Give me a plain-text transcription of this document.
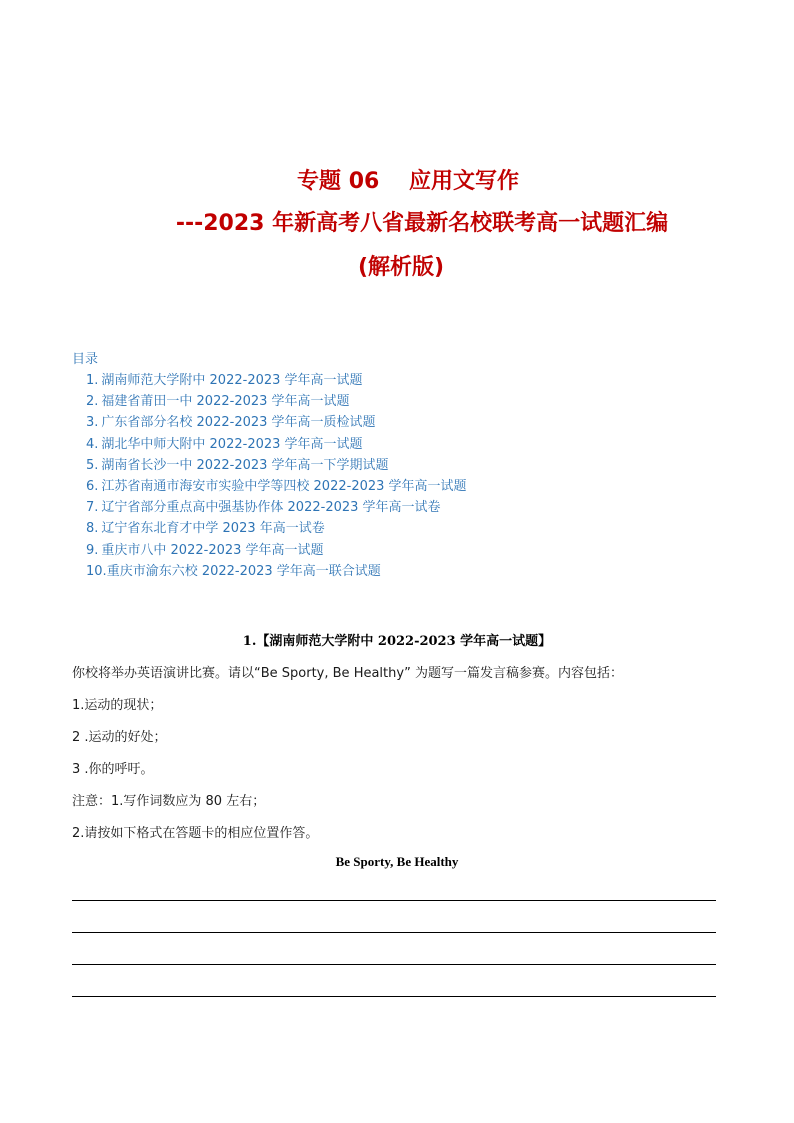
专题 06　 应用文写作
---2023 年新高考八省最新名校联考高一试题汇编
(解析版)
目录
1. 湖南师范大学附中 2022-2023 学年高一试题
2. 福建省莆田一中 2022-2023 学年高一试题
3. 广东省部分名校 2022-2023 学年高一质检试题
4. 湖北华中师大附中 2022-2023 学年高一试题
5. 湖南省长沙一中 2022-2023 学年高一下学期试题
6. 江苏省南通市海安市实验中学等四校 2022-2023 学年高一试题
7. 辽宁省部分重点高中强基协作体 2022-2023 学年高一试卷
8. 辽宁省东北育才中学 2023 年高一试卷
9. 重庆市八中 2022-2023 学年高一试题
10.重庆市渝东六校 2022-2023 学年高一联合试题
1.【湖南师范大学附中 2022-2023 学年高一试题】
你校将举办英语演讲比赛。请以“Be Sporty, Be Healthy” 为题写一篇发言稿参赛。内容包括：
1.运动的现状；
2 .运动的好处；
3 .你的呼吁。
注意：1.写作词数应为 80 左右；
2.请按如下格式在答题卡的相应位置作答。
Be Sporty, Be Healthy
